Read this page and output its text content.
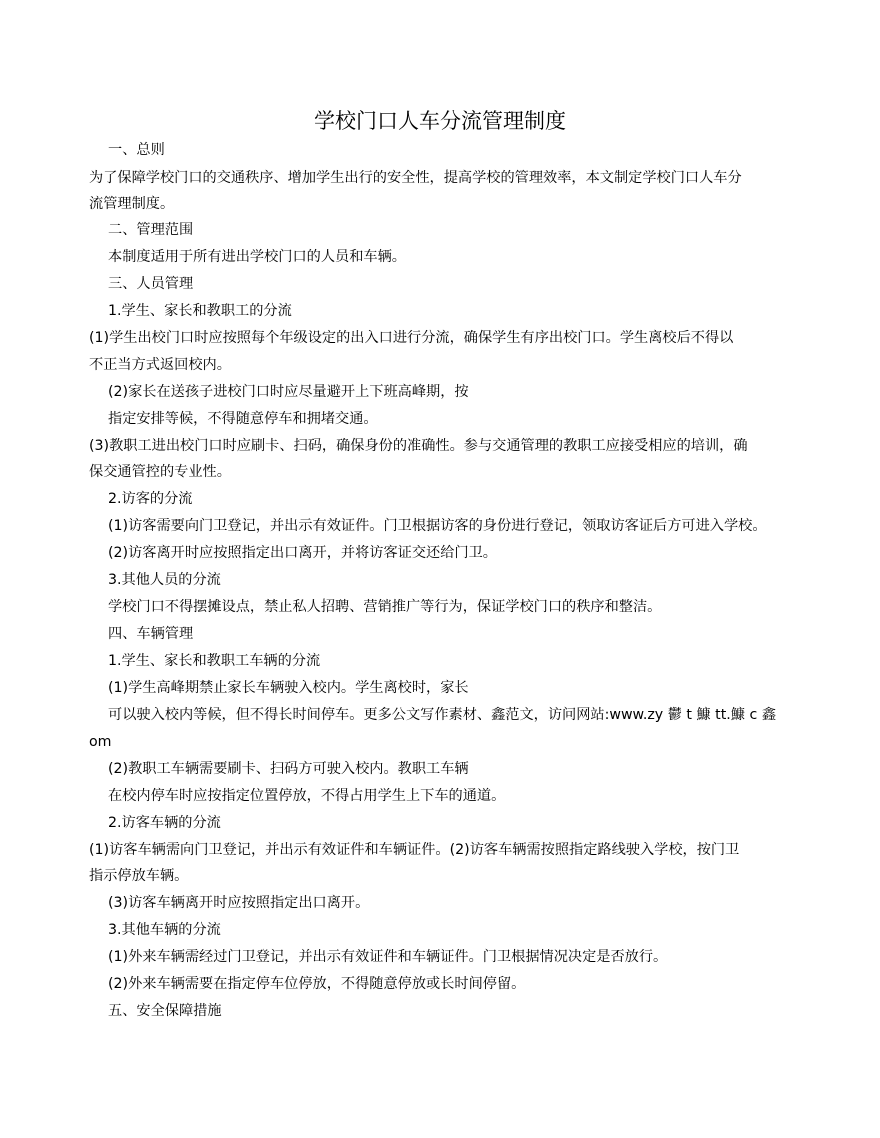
学校门口人车分流管理制度
一、总则
为了保障学校门口的交通秩序、增加学生出行的安全性，提高学校的管理效率，本文制定学校门口人车分
流管理制度。
二、管理范围
本制度适用于所有进出学校门口的人员和车辆。
三、人员管理
1.学生、家长和教职工的分流
(1)学生出校门口时应按照每个年级设定的出入口进行分流，确保学生有序出校门口。学生离校后不得以
不正当方式返回校内。
(2)家长在送孩子进校门口时应尽量避开上下班高峰期，按
指定安排等候，不得随意停车和拥堵交通。
(3)教职工进出校门口时应刷卡、扫码，确保身份的准确性。参与交通管理的教职工应接受相应的培训，确
保交通管控的专业性。
2.访客的分流
(1)访客需要向门卫登记，并出示有效证件。门卫根据访客的身份进行登记，领取访客证后方可进入学校。
(2)访客离开时应按照指定出口离开，并将访客证交还给门卫。
3.其他人员的分流
学校门口不得摆摊设点，禁止私人招聘、营销推广等行为，保证学校门口的秩序和整洁。
四、车辆管理
1.学生、家长和教职工车辆的分流
(1)学生高峰期禁止家长车辆驶入校内。学生离校时，家长
可以驶入校内等候，但不得长时间停车。更多公文写作素材、鑫范文，访问网站:www.zy 鬱 t 鱇 tt.鱇 c 鑫
om
(2)教职工车辆需要刷卡、扫码方可驶入校内。教职工车辆
在校内停车时应按指定位置停放，不得占用学生上下车的通道。
2.访客车辆的分流
(1)访客车辆需向门卫登记，并出示有效证件和车辆证件。(2)访客车辆需按照指定路线驶入学校，按门卫
指示停放车辆。
(3)访客车辆离开时应按照指定出口离开。
3.其他车辆的分流
(1)外来车辆需经过门卫登记，并出示有效证件和车辆证件。门卫根据情况决定是否放行。
(2)外来车辆需要在指定停车位停放，不得随意停放或长时间停留。
五、安全保障措施
